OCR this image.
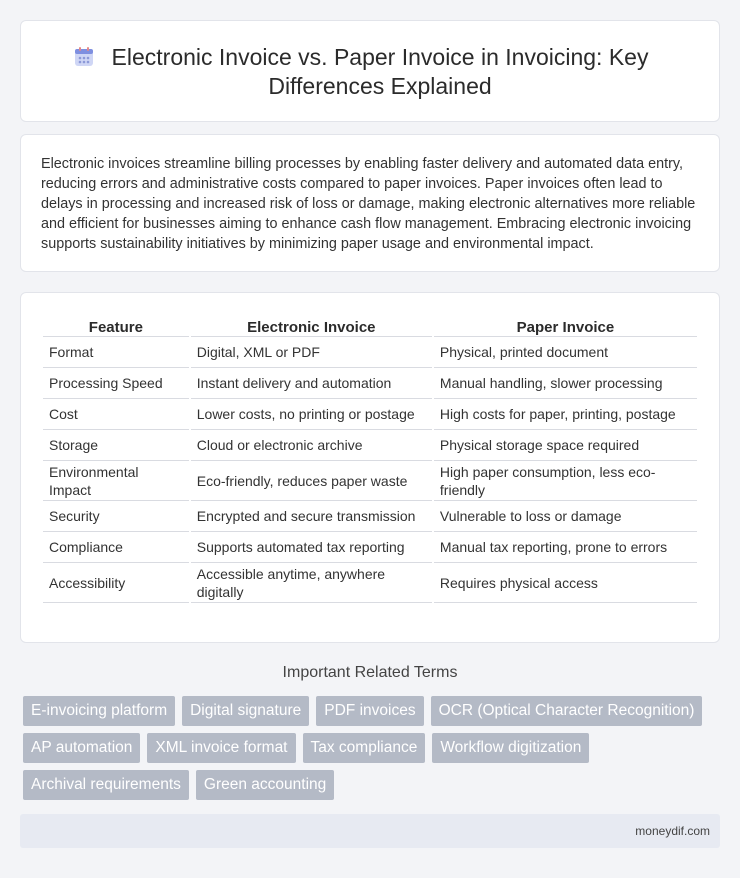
Electronic Invoice vs. Paper Invoice in Invoicing: Key Differences Explained

Electronic invoices streamline billing processes by enabling faster delivery and automated data entry, reducing errors and administrative costs compared to paper invoices. Paper invoices often lead to delays in processing and increased risk of loss or damage, making electronic alternatives more reliable and efficient for businesses aiming to enhance cash flow management. Embracing electronic invoicing supports sustainability initiatives by minimizing paper usage and environmental impact.

Feature	Electronic Invoice	Paper Invoice
Format	Digital, XML or PDF	Physical, printed document
Processing Speed	Instant delivery and automation	Manual handling, slower processing
Cost	Lower costs, no printing or postage	High costs for paper, printing, postage
Storage	Cloud or electronic archive	Physical storage space required
Environmental Impact	Eco-friendly, reduces paper waste	High paper consumption, less eco-friendly
Security	Encrypted and secure transmission	Vulnerable to loss or damage
Compliance	Supports automated tax reporting	Manual tax reporting, prone to errors
Accessibility	Accessible anytime, anywhere digitally	Requires physical access
Important Related Terms
E-invoicing platform	Digital signature	PDF invoices	OCR (Optical Character Recognition)
AP automation	XML invoice format	Tax compliance	Workflow digitization
Archival requirements	Green accounting
moneydif.com
